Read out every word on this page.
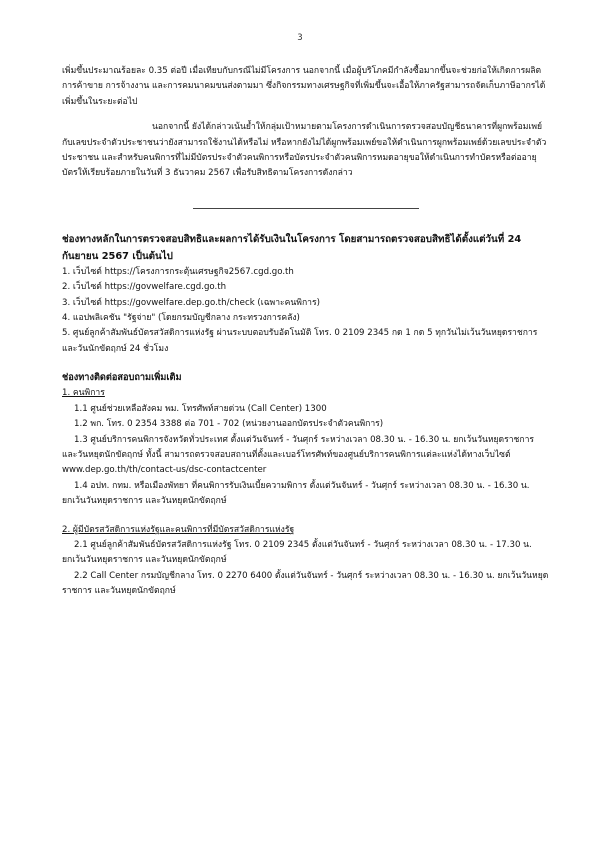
3

เพิ่มขึ้นประมาณร้อยละ 0.35 ต่อปี เมื่อเทียบกับกรณีไม่มีโครงการ นอกจากนี้ เมื่อผู้บริโภคมีกำลังซื้อมากขึ้นจะช่วยก่อให้เกิดการผลิต การค้าขาย การจ้างงาน และการคมนาคมขนส่งตามมา ซึ่งกิจกรรมทางเศรษฐกิจที่เพิ่มขึ้นจะเอื้อให้ภาครัฐสามารถจัดเก็บภาษีอากรได้เพิ่มขึ้นในระยะต่อไป

นอกจากนี้ ยังได้กล่าวเน้นย้ำให้กลุ่มเป้าหมายตามโครงการดำเนินการตรวจสอบบัญชีธนาคารที่ผูกพร้อมเพย์กับเลขประจำตัวประชาชนว่ายังสามารถใช้งานได้หรือไม่ หรือหากยังไม่ได้ผูกพร้อมเพย์ขอให้ดำเนินการผูกพร้อมเพย์ด้วยเลขประจำตัวประชาชน และสำหรับคนพิการที่ไม่มีบัตรประจำตัวคนพิการหรือบัตรประจำตัวคนพิการหมดอายุขอให้ดำเนินการทำบัตรหรือต่ออายุบัตรให้เรียบร้อยภายในวันที่ 3 ธันวาคม 2567 เพื่อรับสิทธิตามโครงการดังกล่าว

ช่องทางหลักในการตรวจสอบสิทธิและผลการได้รับเงินในโครงการ โดยสามารถตรวจสอบสิทธิได้ตั้งแต่วันที่ 24 กันยายน 2567 เป็นต้นไป

1. เว็บไซต์ https://โครงการกระตุ้นเศรษฐกิจ2567.cgd.go.th

2. เว็บไซต์ https://govwelfare.cgd.go.th

3. เว็บไซต์ https://govwelfare.dep.go.th/check (เฉพาะคนพิการ)

4. แอปพลิเคชัน "รัฐจ่าย" (โดยกรมบัญชีกลาง กระทรวงการคลัง)

5. ศูนย์ลูกค้าสัมพันธ์บัตรสวัสดิการแห่งรัฐ ผ่านระบบตอบรับอัตโนมัติ โทร. 0 2109 2345 กด 1 กด 5 ทุกวันไม่เว้นวันหยุดราชการและวันนักขัตฤกษ์ 24 ชั่วโมง

ช่องทางติดต่อสอบถามเพิ่มเติม

1. คนพิการ

1.1 ศูนย์ช่วยเหลือสังคม พม. โทรศัพท์สายด่วน (Call Center) 1300

1.2 พก. โทร. 0 2354 3388 ต่อ 701 - 702 (หน่วยงานออกบัตรประจำตัวคนพิการ)

1.3 ศูนย์บริการคนพิการจังหวัดทั่วประเทศ ตั้งแต่วันจันทร์ - วันศุกร์ ระหว่างเวลา 08.30 น. - 16.30 น. ยกเว้นวันหยุดราชการ และวันหยุดนักขัตฤกษ์ ทั้งนี้ สามารถตรวจสอบสถานที่ตั้งและเบอร์โทรศัพท์ของศูนย์บริการคนพิการแต่ละแห่งได้ทางเว็บไซต์ www.dep.go.th/th/contact-us/dsc-contactcenter

1.4 อปท. กทม. หรือเมืองพัทยา ที่คนพิการรับเงินเบี้ยความพิการ ตั้งแต่วันจันทร์ - วันศุกร์ ระหว่างเวลา 08.30 น. - 16.30 น. ยกเว้นวันหยุดราชการ และวันหยุดนักขัตฤกษ์

2. ผู้มีบัตรสวัสดิการแห่งรัฐและคนพิการที่มีบัตรสวัสดิการแห่งรัฐ

2.1 ศูนย์ลูกค้าสัมพันธ์บัตรสวัสดิการแห่งรัฐ โทร. 0 2109 2345 ตั้งแต่วันจันทร์ - วันศุกร์ ระหว่างเวลา 08.30 น. - 17.30 น. ยกเว้นวันหยุดราชการ และวันหยุดนักขัตฤกษ์

2.2 Call Center กรมบัญชีกลาง โทร. 0 2270 6400 ตั้งแต่วันจันทร์ - วันศุกร์ ระหว่างเวลา 08.30 น. - 16.30 น. ยกเว้นวันหยุดราชการ และวันหยุดนักขัตฤกษ์
